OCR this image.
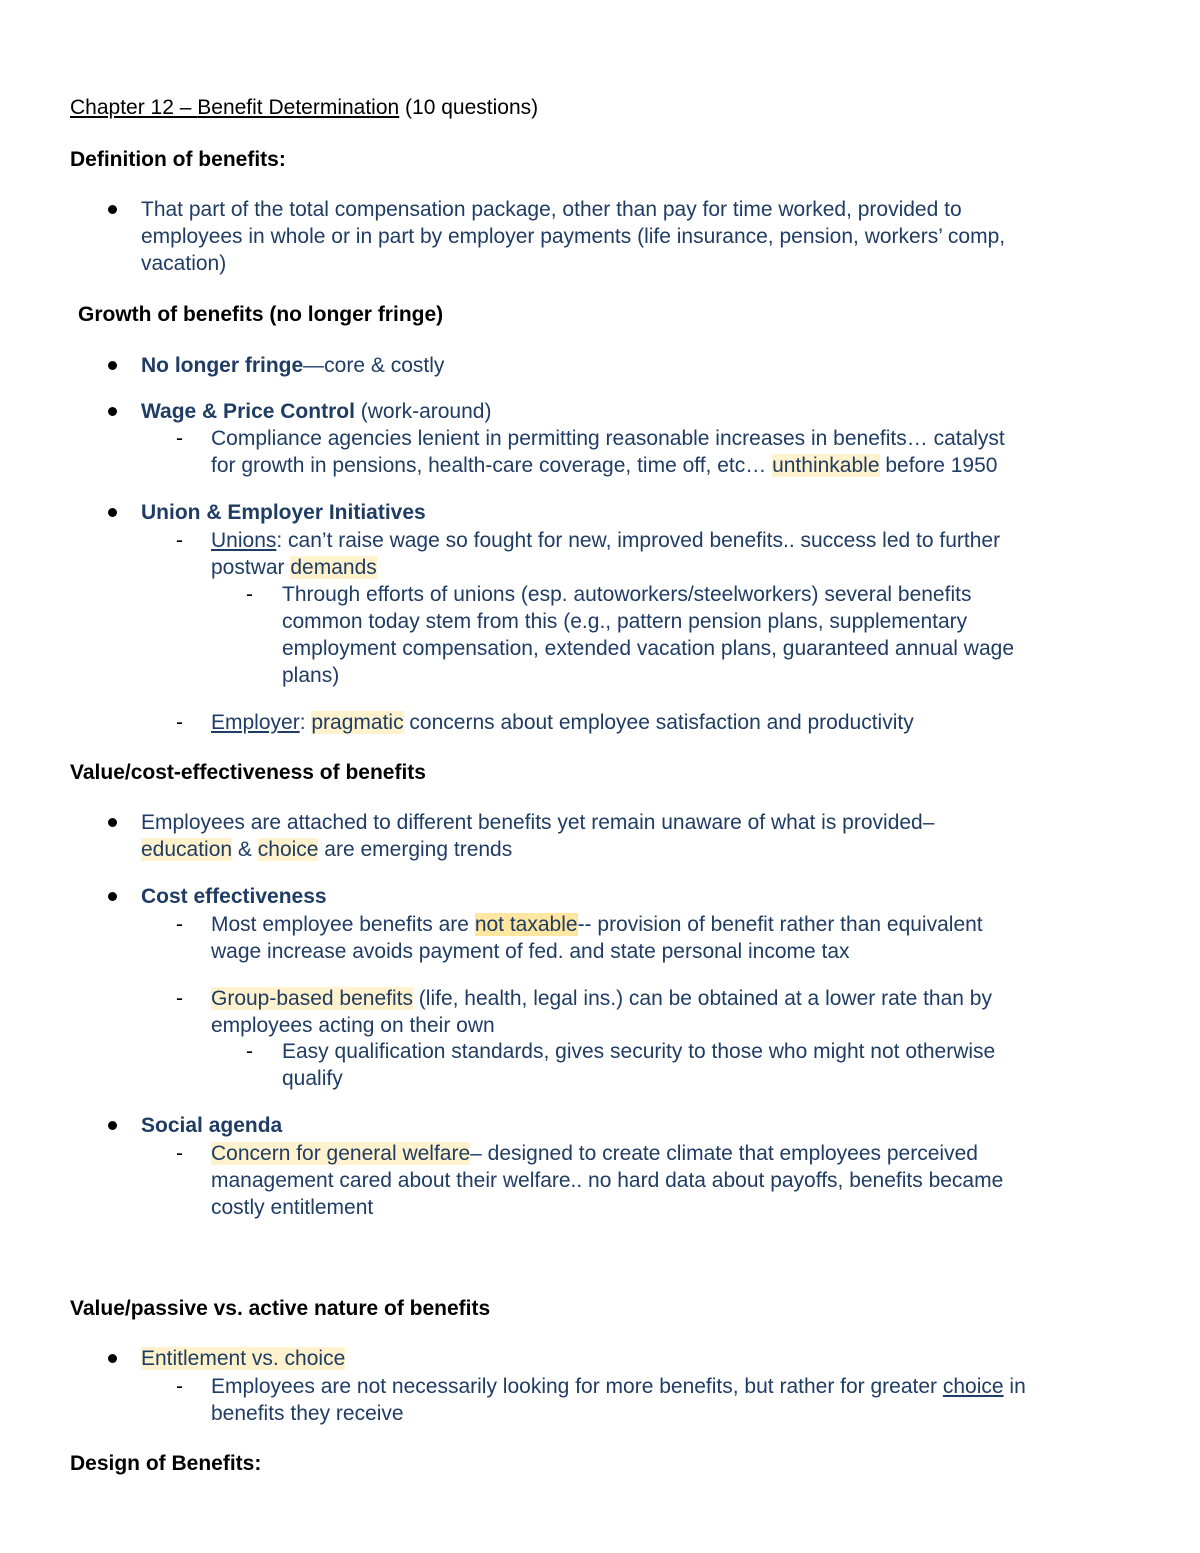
Chapter 12 – Benefit Determination (10 questions)
Definition of benefits:
That part of the total compensation package, other than pay for time worked, provided to
employees in whole or in part by employer payments (life insurance, pension, workers’ comp,
vacation)
Growth of benefits (no longer fringe)
No longer fringe—core & costly
Wage & Price Control (work-around)
- Compliance agencies lenient in permitting reasonable increases in benefits… catalyst
for growth in pensions, health-care coverage, time off, etc… unthinkable before 1950
Union & Employer Initiatives
- Unions: can’t raise wage so fought for new, improved benefits.. success led to further
postwar demands
- Through efforts of unions (esp. autoworkers/steelworkers) several benefits
common today stem from this (e.g., pattern pension plans, supplementary
employment compensation, extended vacation plans, guaranteed annual wage
plans)
- Employer: pragmatic concerns about employee satisfaction and productivity
Value/cost-effectiveness of benefits
Employees are attached to different benefits yet remain unaware of what is provided–
education & choice are emerging trends
Cost effectiveness
- Most employee benefits are not taxable-- provision of benefit rather than equivalent
wage increase avoids payment of fed. and state personal income tax
- Group-based benefits (life, health, legal ins.) can be obtained at a lower rate than by
employees acting on their own
- Easy qualification standards, gives security to those who might not otherwise
qualify
Social agenda
- Concern for general welfare– designed to create climate that employees perceived
management cared about their welfare.. no hard data about payoffs, benefits became
costly entitlement
Value/passive vs. active nature of benefits
Entitlement vs. choice
- Employees are not necessarily looking for more benefits, but rather for greater choice in
benefits they receive
Design of Benefits:
